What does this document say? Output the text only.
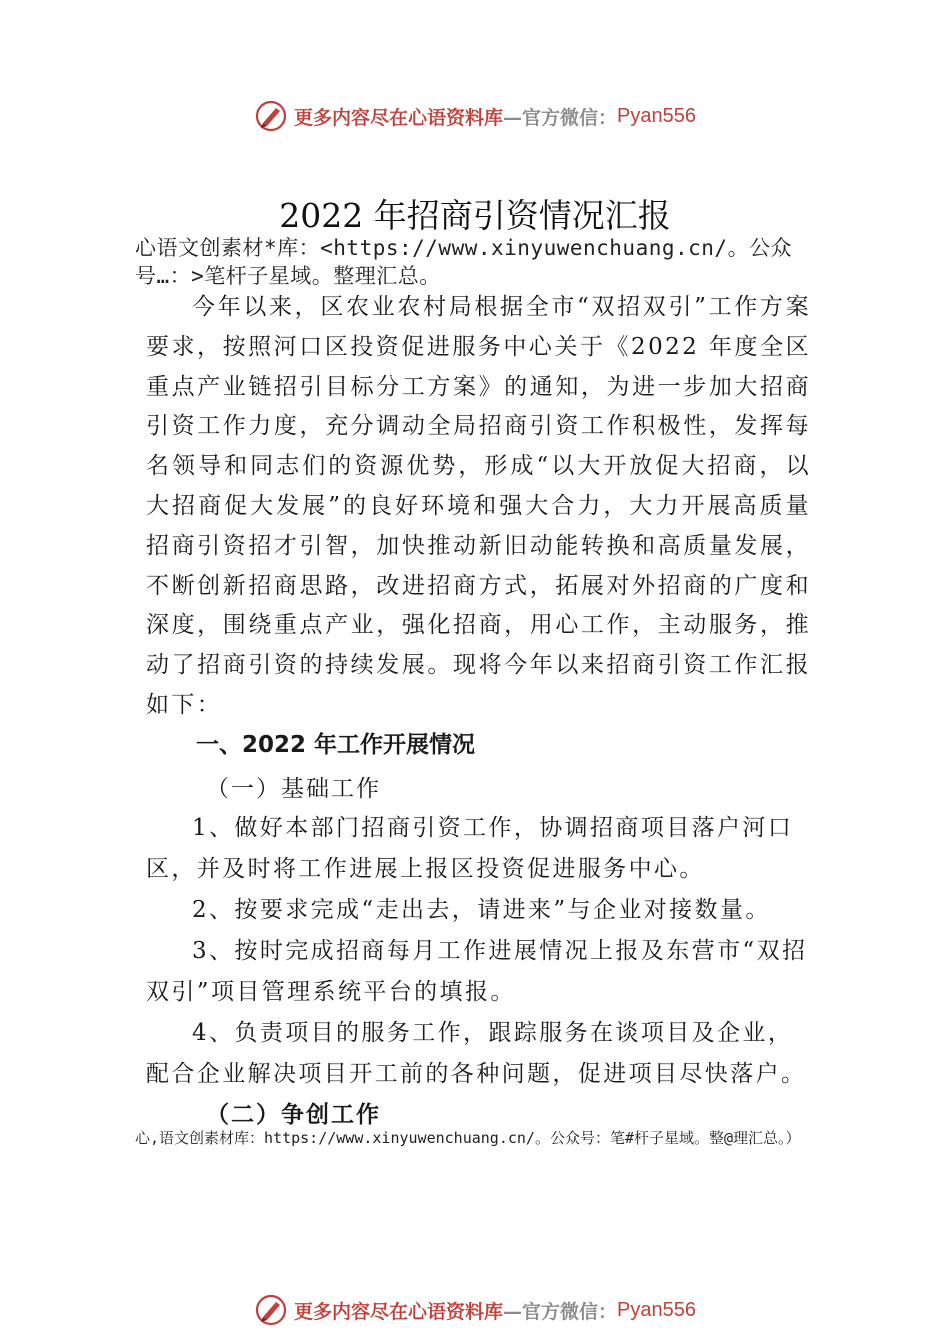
更多内容尽在心语资料库 —官方微信： Pyan556
2022 年招商引资情况汇报
心语文创素材*库：<https://www.xinyuwenchuang.cn/。公众号…：>笔杆子星域。整理汇总。

今年以来，区农业农村局根据全市“双招双引”工作方案要求，按照河口区投资促进服务中心关于《2022 年度全区重点产业链招引目标分工方案》的通知，为进一步加大招商引资工作力度，充分调动全局招商引资工作积极性，发挥每名领导和同志们的资源优势，形成“以大开放促大招商，以大招商促大发展”的良好环境和强大合力，大力开展高质量招商引资招才引智，加快推动新旧动能转换和高质量发展， 不断创新招商思路，改进招商方式，拓展对外招商的广度和深度，围绕重点产业，强化招商，用心工作，主动服务，推动了招商引资的持续发展。现将今年以来招商引资工作汇报如下：

一、2022 年工作开展情况
（一）基础工作

1、做好本部门招商引资工作，协调招商项目落户河口区，并及时将工作进展上报区投资促进服务中心。

2、按要求完成“走出去，请进来”与企业对接数量。

3、按时完成招商每月工作进展情况上报及东营市“双招双引”项目管理系统平台的填报。

4、负责项目的服务工作，跟踪服务在谈项目及企业，配合企业解决项目开工前的各种问题，促进项目尽快落户。

（二）争创工作
心,语文创素材库：https://www.xinyuwenchuang.cn/。公众号：笔#杆子星域。整@理汇总。）
更多内容尽在心语资料库 —官方微信： Pyan556
